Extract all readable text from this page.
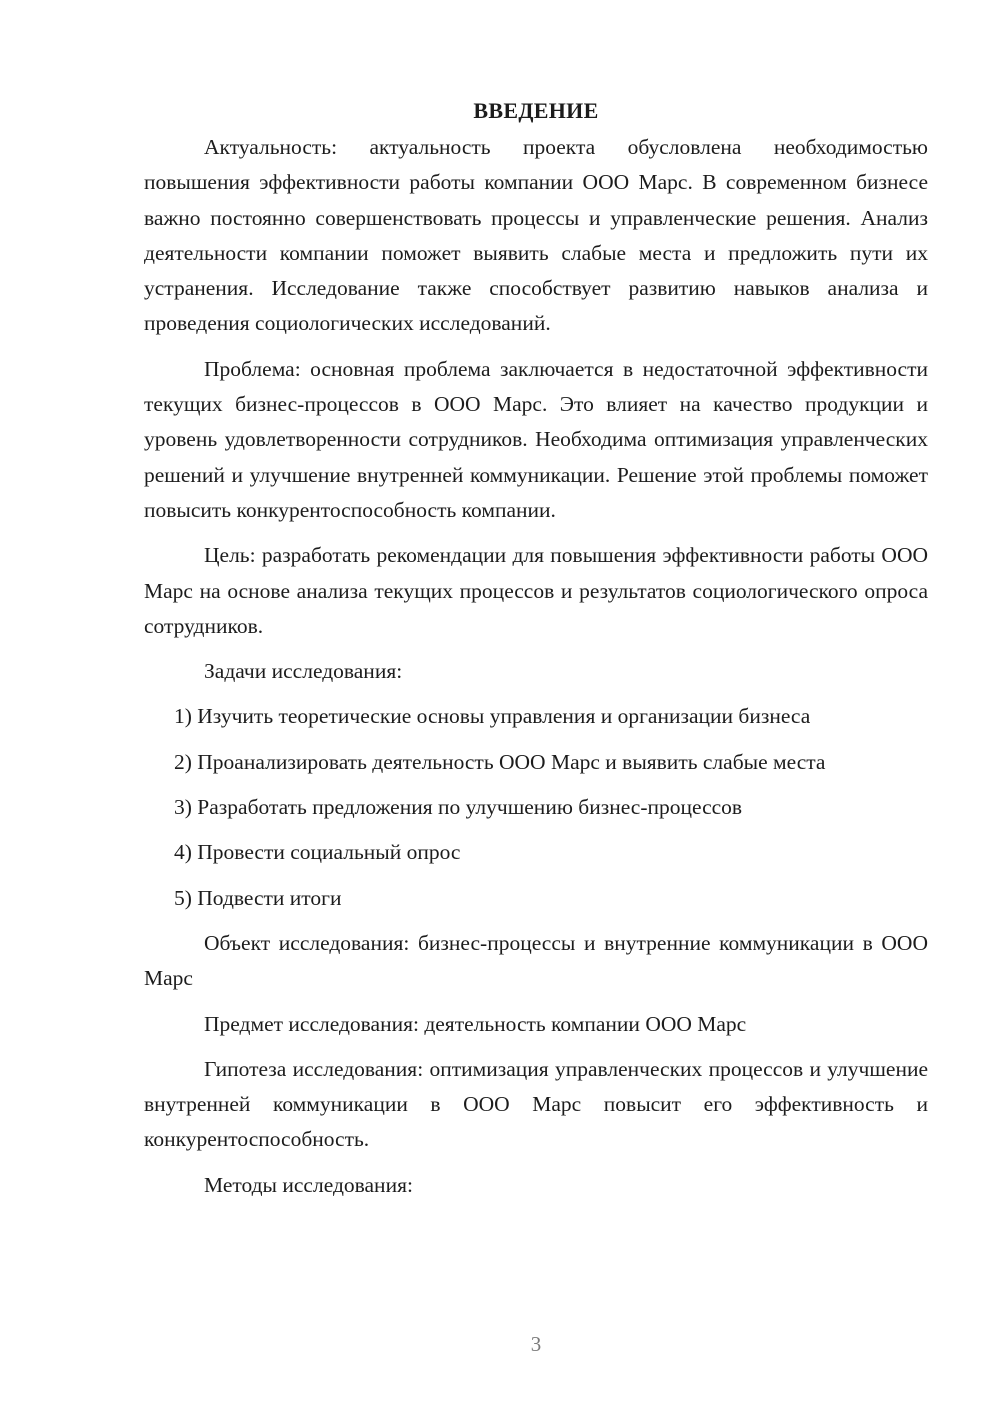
ВВЕДЕНИЕ

Актуальность: актуальность проекта обусловлена необходимостью повышения эффективности работы компании ООО Марс. В современном бизнесе важно постоянно совершенствовать процессы и управленческие решения. Анализ деятельности компании поможет выявить слабые места и предложить пути их устранения. Исследование также способствует развитию навыков анализа и проведения социологических исследований.

Проблема: основная проблема заключается в недостаточной эффективности текущих бизнес-процессов в ООО Марс. Это влияет на качество продукции и уровень удовлетворенности сотрудников. Необходима оптимизация управленческих решений и улучшение внутренней коммуникации. Решение этой проблемы поможет повысить конкурентоспособность компании.

Цель: разработать рекомендации для повышения эффективности работы ООО Марс на основе анализа текущих процессов и результатов социологического опроса сотрудников.

Задачи исследования:

1) Изучить теоретические основы управления и организации бизнеса

2) Проанализировать деятельность ООО Марс и выявить слабые места

3) Разработать предложения по улучшению бизнес-процессов

4) Провести социальный опрос

5) Подвести итоги

Объект исследования: бизнес-процессы и внутренние коммуникации в ООО Марс

Предмет исследования: деятельность компании ООО Марс

Гипотеза исследования: оптимизация управленческих процессов и улучшение внутренней коммуникации в ООО Марс повысит его эффективность и конкурентоспособность.

Методы исследования:

3
